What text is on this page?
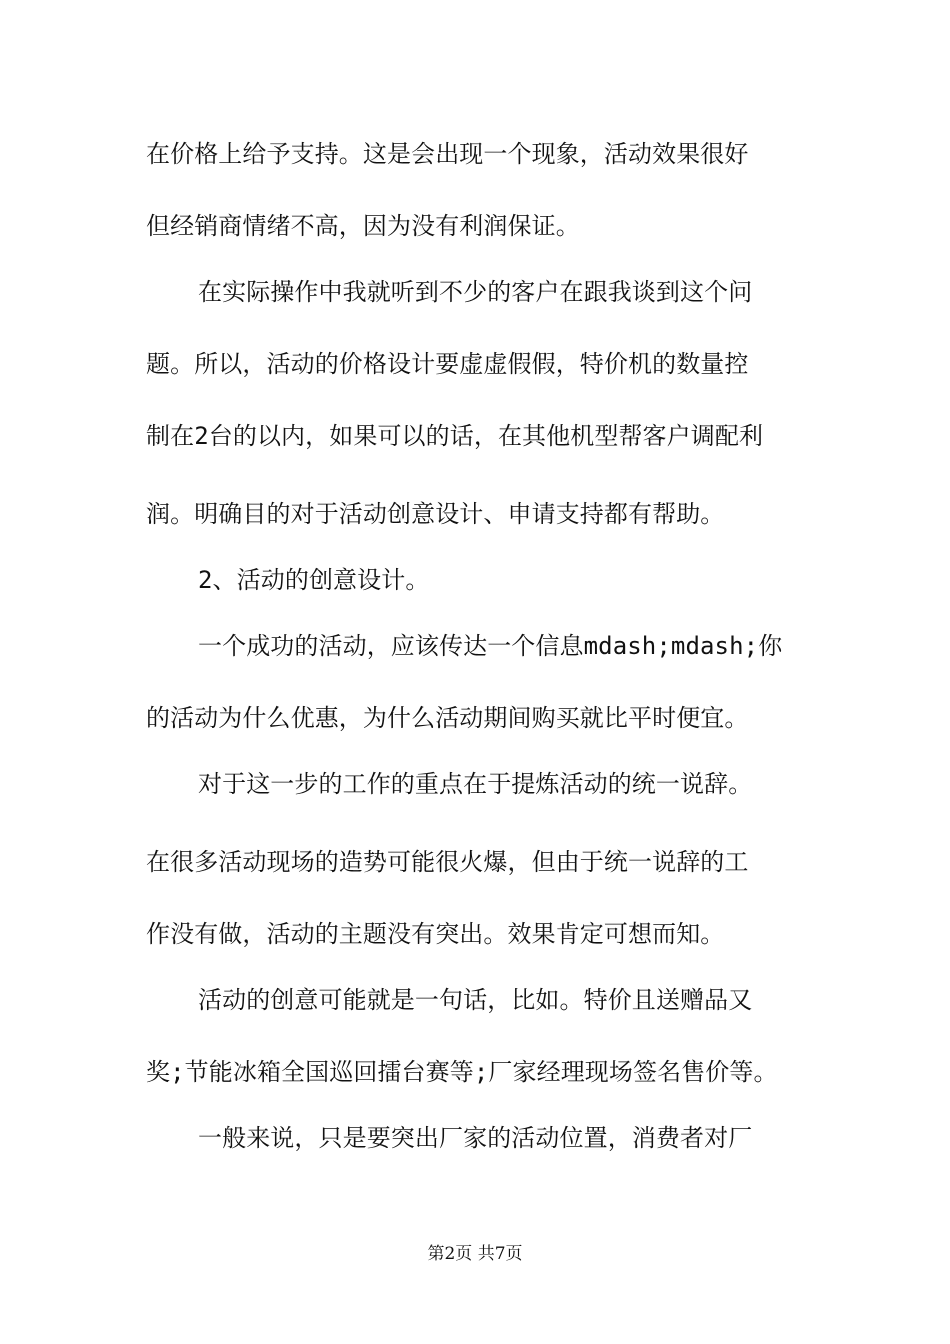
在价格上给予支持。这是会出现一个现象，活动效果很好
但经销商情绪不高，因为没有利润保证。
在实际操作中我就听到不少的客户在跟我谈到这个问
题。所以，活动的价格设计要虚虚假假，特价机的数量控
制在2台的以内，如果可以的话，在其他机型帮客户调配利
润。明确目的对于活动创意设计、申请支持都有帮助。
2、活动的创意设计。
一个成功的活动，应该传达一个信息mdash;mdash;你
的活动为什么优惠，为什么活动期间购买就比平时便宜。
对于这一步的工作的重点在于提炼活动的统一说辞。
在很多活动现场的造势可能很火爆，但由于统一说辞的工
作没有做，活动的主题没有突出。效果肯定可想而知。
活动的创意可能就是一句话，比如。特价且送赠品又
奖;节能冰箱全国巡回擂台赛等;厂家经理现场签名售价等。
一般来说，只是要突出厂家的活动位置，消费者对厂
第2页 共7页
